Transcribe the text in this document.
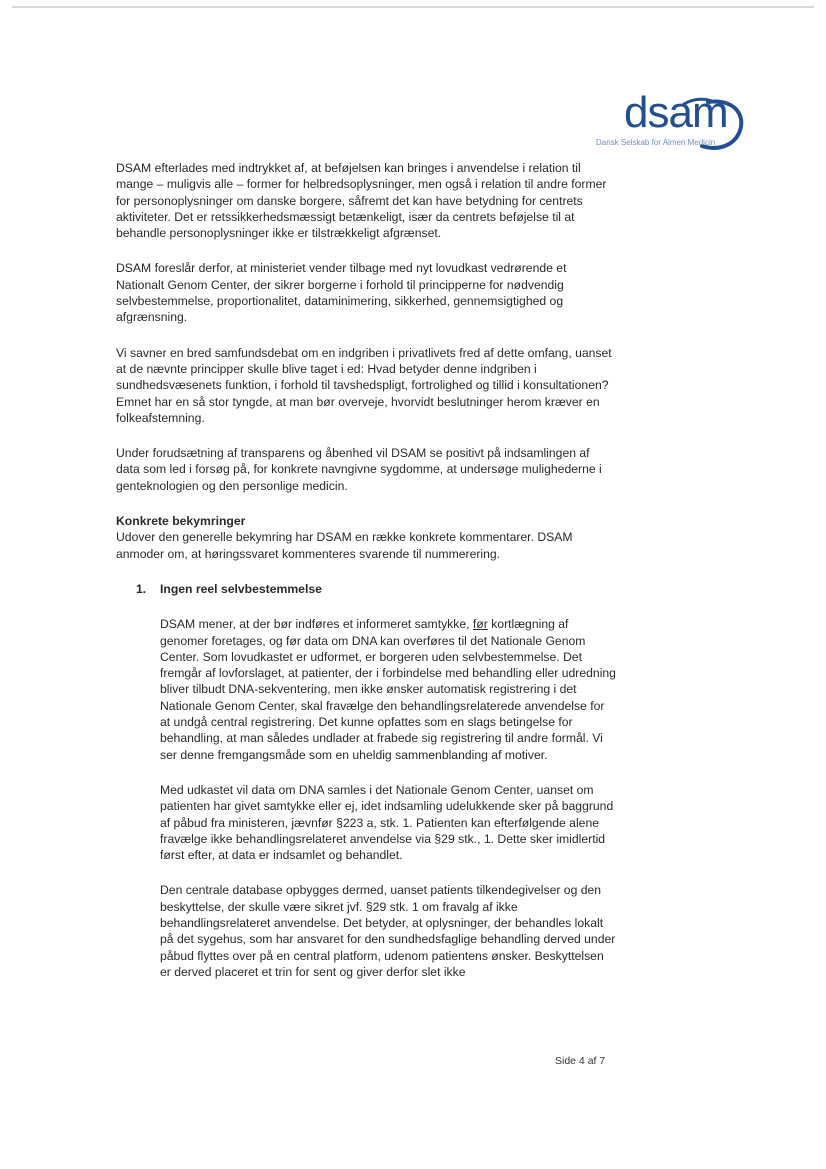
dsam
Dansk Selskab for Almen Medicin

DSAM efterlades med indtrykket af, at beføjelsen kan bringes i anvendelse i relation til mange – muligvis alle – former for helbredsoplysninger, men også i relation til andre former for personoplysninger om danske borgere, såfremt det kan have betydning for centrets aktiviteter. Det er retssikkerhedsmæssigt betænkeligt, især da centrets beføjelse til at behandle personoplysninger ikke er tilstrækkeligt afgrænset.

DSAM foreslår derfor, at ministeriet vender tilbage med nyt lovudkast vedrørende et Nationalt Genom Center, der sikrer borgerne i forhold til principperne for nødvendig selvbestemmelse, proportionalitet, dataminimering, sikkerhed, gennemsigtighed og afgrænsning.

Vi savner en bred samfundsdebat om en indgriben i privatlivets fred af dette omfang, uanset at de nævnte principper skulle blive taget i ed: Hvad betyder denne indgriben i sundhedsvæsenets funktion, i forhold til tavshedspligt, fortrolighed og tillid i konsultationen? Emnet har en så stor tyngde, at man bør overveje, hvorvidt beslutninger herom kræver en folkeafstemning.

Under forudsætning af transparens og åbenhed vil DSAM se positivt på indsamlingen af data som led i forsøg på, for konkrete navngivne sygdomme, at undersøge mulighederne i genteknologien og den personlige medicin.

Konkrete bekymringer

Udover den generelle bekymring har DSAM en række konkrete kommentarer. DSAM anmoder om, at høringssvaret kommenteres svarende til nummerering.

1. Ingen reel selvbestemmelse

DSAM mener, at der bør indføres et informeret samtykke, før kortlægning af genomer foretages, og før data om DNA kan overføres til det Nationale Genom Center. Som lovudkastet er udformet, er borgeren uden selvbestemmelse. Det fremgår af lovforslaget, at patienter, der i forbindelse med behandling eller udredning bliver tilbudt DNA-sekventering, men ikke ønsker automatisk registrering i det Nationale Genom Center, skal fravælge den behandlingsrelaterede anvendelse for at undgå central registrering. Det kunne opfattes som en slags betingelse for behandling, at man således undlader at frabede sig registrering til andre formål. Vi ser denne fremgangsmåde som en uheldig sammenblanding af motiver.

Med udkastet vil data om DNA samles i det Nationale Genom Center, uanset om patienten har givet samtykke eller ej, idet indsamling udelukkende sker på baggrund af påbud fra ministeren, jævnfør §223 a, stk. 1. Patienten kan efterfølgende alene fravælge ikke behandlingsrelateret anvendelse via §29 stk., 1. Dette sker imidlertid først efter, at data er indsamlet og behandlet.

Den centrale database opbygges dermed, uanset patients tilkendegivelser og den beskyttelse, der skulle være sikret jvf. §29 stk. 1 om fravalg af ikke behandlingsrelateret anvendelse. Det betyder, at oplysninger, der behandles lokalt på det sygehus, som har ansvaret for den sundhedsfaglige behandling derved under påbud flyttes over på en central platform, udenom patientens ønsker. Beskyttelsen er derved placeret et trin for sent og giver derfor slet ikke

Side 4 af 7
